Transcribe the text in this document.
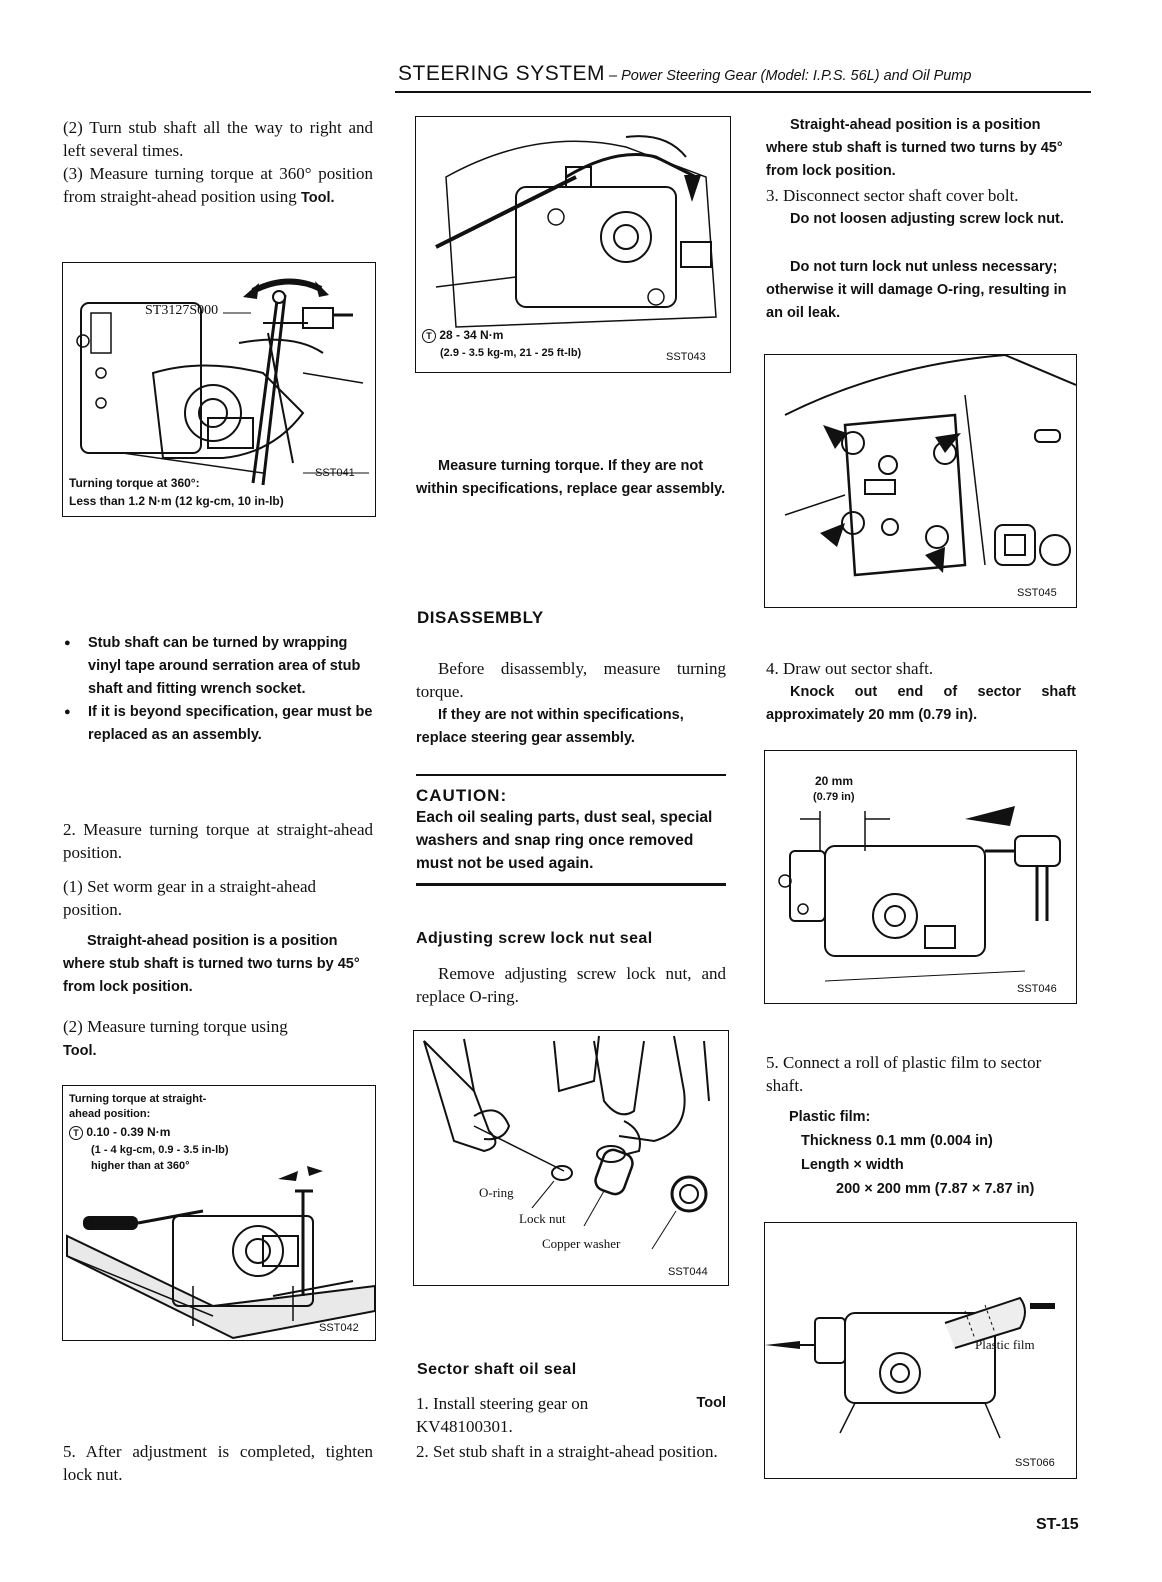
STEERING SYSTEM – Power Steering Gear (Model: I.P.S. 56L) and Oil Pump
(2) Turn stub shaft all the way to right and left several times.
(3) Measure turning torque at 360° position from straight-ahead position using Tool.
ST3127S000
Turning torque at 360°:
Less than 1.2 N·m (12 kg-cm, 10 in-lb)
SST041
● Stub shaft can be turned by wrapping vinyl tape around serration area of stub shaft and fitting wrench socket.
● If it is beyond specification, gear must be replaced as an assembly.
2. Measure turning torque at straight-ahead position.
(1) Set worm gear in a straight-ahead position.
Straight-ahead position is a position where stub shaft is turned two turns by 45° from lock position.
(2) Measure turning torque using
Tool.
Turning torque at straight-
ahead position:
T 0.10 - 0.39 N·m
(1 - 4 kg-cm, 0.9 - 3.5 in-lb)
higher than at 360°
SST042
5. After adjustment is completed, tighten lock nut.
T 28 - 34 N·m
(2.9 - 3.5 kg-m, 21 - 25 ft-lb)	SST043
Measure turning torque. If they are not within specifications, replace gear assembly.
DISASSEMBLY
Before disassembly, measure turning torque.
If they are not within specifications, replace steering gear assembly.
CAUTION:
Each oil sealing parts, dust seal, special washers and snap ring once removed must not be used again.
Adjusting screw lock nut seal
Remove adjusting screw lock nut, and replace O-ring.
O-ring
Lock nut
Copper washer
SST044
Sector shaft oil seal
1. Install steering gear on	Tool

KV48100301.
2. Set stub shaft in a straight-ahead position.
Straight-ahead position is a position where stub shaft is turned two turns by 45° from lock position.
3. Disconnect sector shaft cover bolt.
Do not loosen adjusting screw lock nut.
Do not turn lock nut unless necessary; otherwise it will damage O-ring, resulting in an oil leak.
SST045
4. Draw out sector shaft.
Knock out end of sector shaft approximately 20 mm (0.79 in).
20 mm
(0.79 in)
SST046
5. Connect a roll of plastic film to sector shaft.
Plastic film:
Thickness 0.1 mm (0.004 in)
Length × width
200 × 200 mm (7.87 × 7.87 in)
Plastic film
SST066
ST-15
